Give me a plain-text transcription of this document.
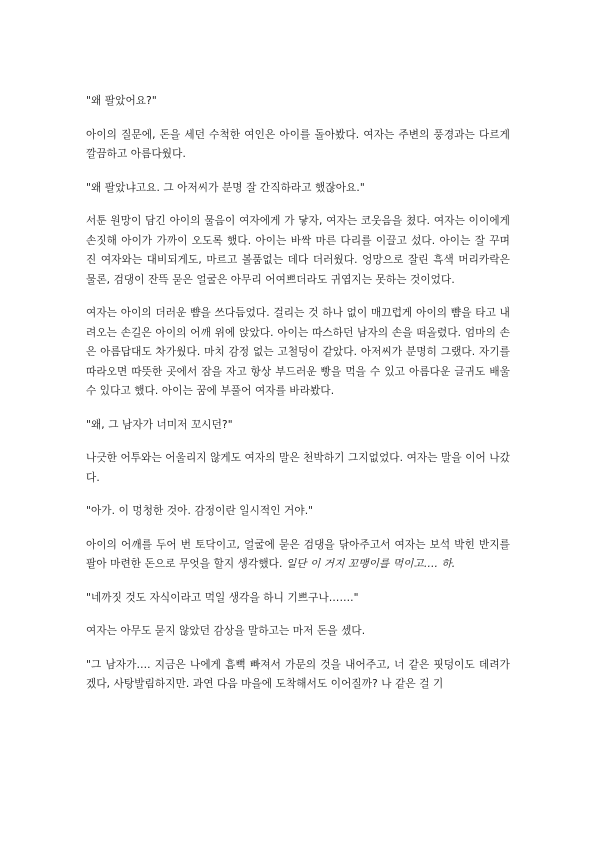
"왜 팔았어요?"

아이의 질문에, 돈을 세던 수척한 여인은 아이를 돌아봤다. 여자는 주변의 풍경과는 다르게 깔끔하고 아름다웠다.

"왜 팔았냐고요. 그 아저씨가 분명 잘 간직하라고 했잖아요."

서툰 원망이 담긴 아이의 물음이 여자에게 가 닿자, 여자는 코웃음을 쳤다. 여자는 이이에게 손짓해 아이가 가까이 오도록 했다. 아이는 바싹 마른 다리를 이끌고 섰다. 아이는 잘 꾸며진 여자와는 대비되게도, 마르고 볼품없는 데다 더러웠다. 엉망으로 잘린 흑색 머리카락은 물론, 검댕이 잔뜩 묻은 얼굴은 아무리 어여쁘더라도 귀엽지는 못하는 것이었다.

여자는 아이의 더러운 뺨을 쓰다듬었다. 걸리는 것 하나 없이 매끄럽게 아이의 뺨을 타고 내려오는 손길은 아이의 어깨 위에 앉았다. 아이는 따스하던 남자의 손을 떠올렸다. 엄마의 손은 아름답대도 차가웠다. 마치 감정 없는 고철덩이 같았다. 아저씨가 분명히 그랬다. 자기를 따라오면 따뜻한 곳에서 잠을 자고 항상 부드러운 빵을 먹을 수 있고 아름다운 글귀도 배울 수 있다고 했다. 아이는 꿈에 부풀어 여자를 바라봤다.

"왜, 그 남자가 너미저 꼬시던?"

나긋한 어투와는 어울리지 않게도 여자의 말은 천박하기 그지없었다. 여자는 말을 이어 나갔다.

"아가. 이 멍청한 것아. 감정이란 일시적인 거야."

아이의 어깨를 두어 번 토닥이고, 얼굴에 묻은 검댕을 닦아주고서 여자는 보석 박힌 반지를 팔아 마련한 돈으로 무엇을 할지 생각했다. 일단 이 거지 꼬맹이를 먹이고…. 하.

"네까짓 것도 자식이라고 먹일 생각을 하니 기쁘구나……."

여자는 아무도 묻지 않았던 감상을 말하고는 마저 돈을 셌다.

"그 남자가…. 지금은 나에게 흠뻑 빠져서 가문의 것을 내어주고, 너 같은 핏덩이도 데려가겠다, 사탕발림하지만. 과연 다음 마을에 도착해서도 이어질까? 나 같은 걸 기
